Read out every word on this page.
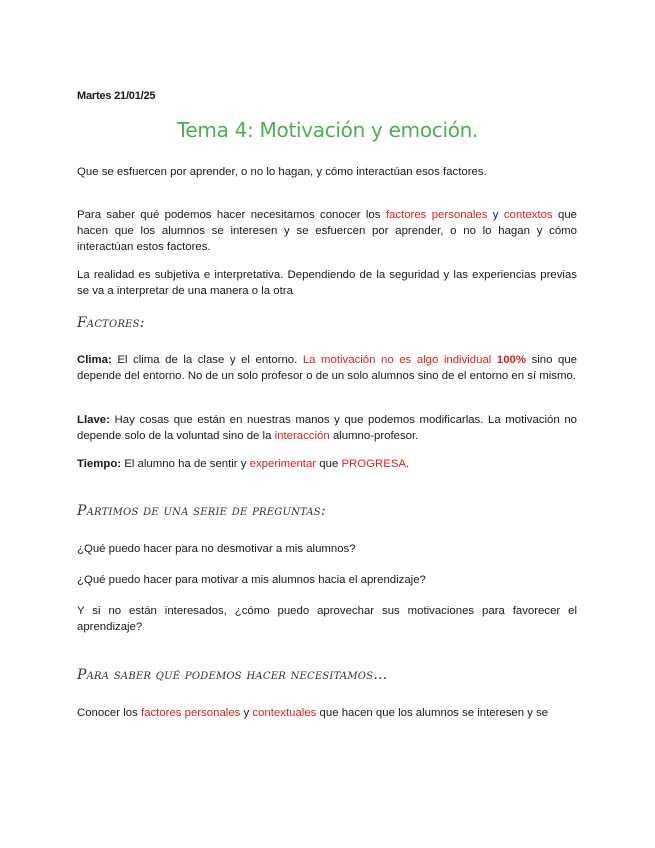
Martes 21/01/25
Tema 4: Motivación y emoción.

Que se esfuercen por aprender, o no lo hagan, y cómo interactúan esos factores.

Para saber qué podemos hacer necesitamos conocer los factores personales y contextos que hacen que los alumnos se interesen y se esfuercen por aprender, o no lo hagan y cómo interactúan estos factores.

La realidad es subjetiva e interpretativa. Dependiendo de la seguridad y las experiencias previas se va a interpretar de una manera o la otra

Factores:

Clima: El clima de la clase y el entorno. La motivación no es algo individual 100% sino que depende del entorno. No de un solo profesor o de un solo alumnos sino de el entorno en sí mismo.

Llave: Hay cosas que están en nuestras manos y que podemos modificarlas. La motivación no depende solo de la voluntad sino de la interacción alumno-profesor.

Tiempo: El alumno ha de sentir y experimentar que PROGRESA.

Partimos de una serie de preguntas:

¿Qué puedo hacer para no desmotivar a mis alumnos?

¿Qué puedo hacer para motivar a mis alumnos hacia el aprendizaje?

Y si no están interesados, ¿cómo puedo aprovechar sus motivaciones para favorecer el aprendizaje?

Para saber qué podemos hacer necesitamos…

Conocer los factores personales y contextuales que hacen que los alumnos se interesen y se
